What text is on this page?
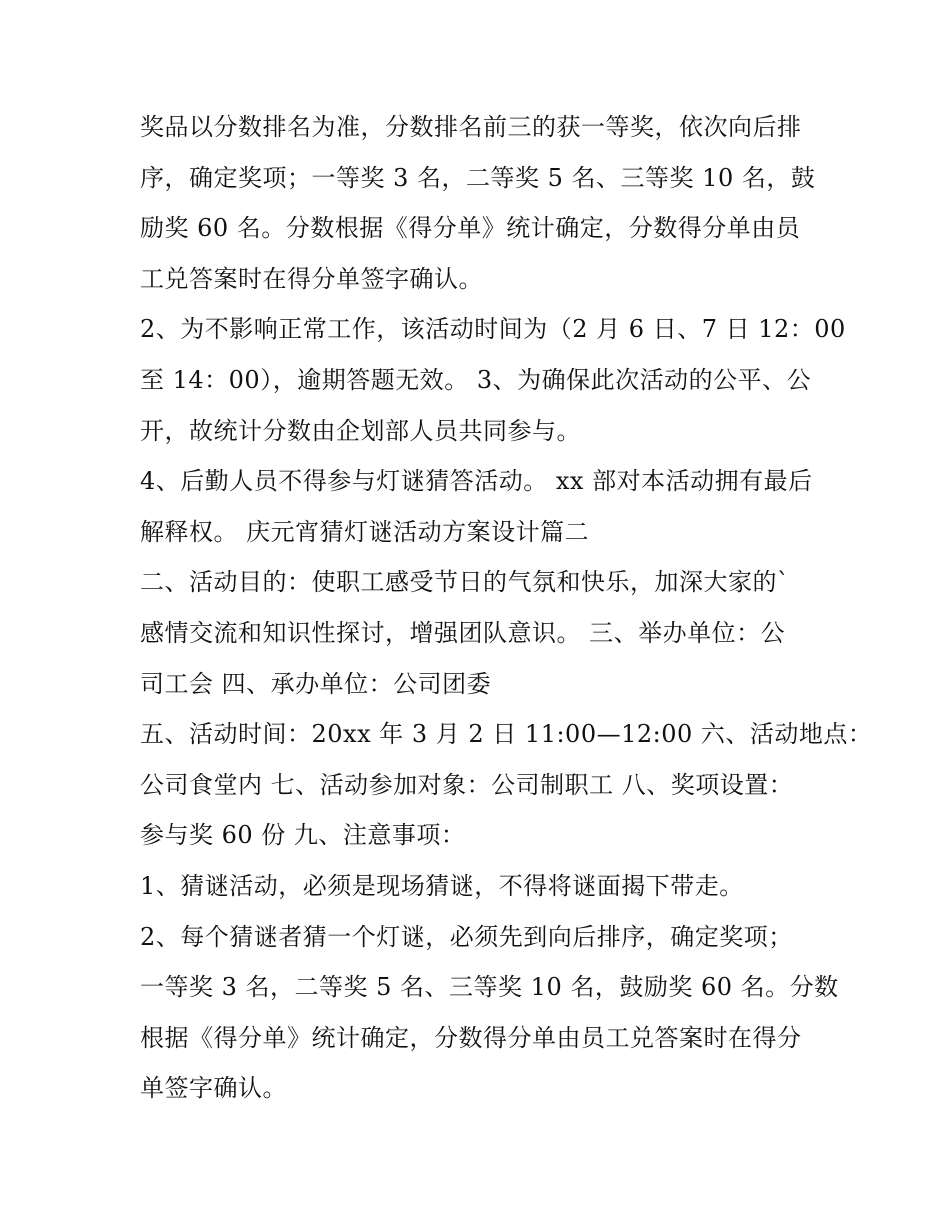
奖品以分数排名为准，分数排名前三的获一等奖，依次向后排
序，确定奖项；一等奖 3 名，二等奖 5 名、三等奖 10 名，鼓
励奖 60 名。分数根据《得分单》统计确定，分数得分单由员
工兑答案时在得分单签字确认。
2、为不影响正常工作，该活动时间为（2 月 6 日、7 日 12：00
至 14：00），逾期答题无效。 3、为确保此次活动的公平、公
开，故统计分数由企划部人员共同参与。
4、后勤人员不得参与灯谜猜答活动。 xx 部对本活动拥有最后
解释权。 庆元宵猜灯谜活动方案设计篇二
二、活动目的：使职工感受节日的气氛和快乐，加深大家的`
感情交流和知识性探讨，增强团队意识。 三、举办单位：公
司工会 四、承办单位：公司团委
五、活动时间：20xx 年 3 月 2 日 11:00—12:00 六、活动地点：
公司食堂内 七、活动参加对象：公司制职工 八、奖项设置：
参与奖 60 份 九、注意事项：
1、猜谜活动，必须是现场猜谜，不得将谜面揭下带走。
2、每个猜谜者猜一个灯谜，必须先到向后排序，确定奖项；
一等奖 3 名，二等奖 5 名、三等奖 10 名，鼓励奖 60 名。分数
根据《得分单》统计确定，分数得分单由员工兑答案时在得分
单签字确认。
